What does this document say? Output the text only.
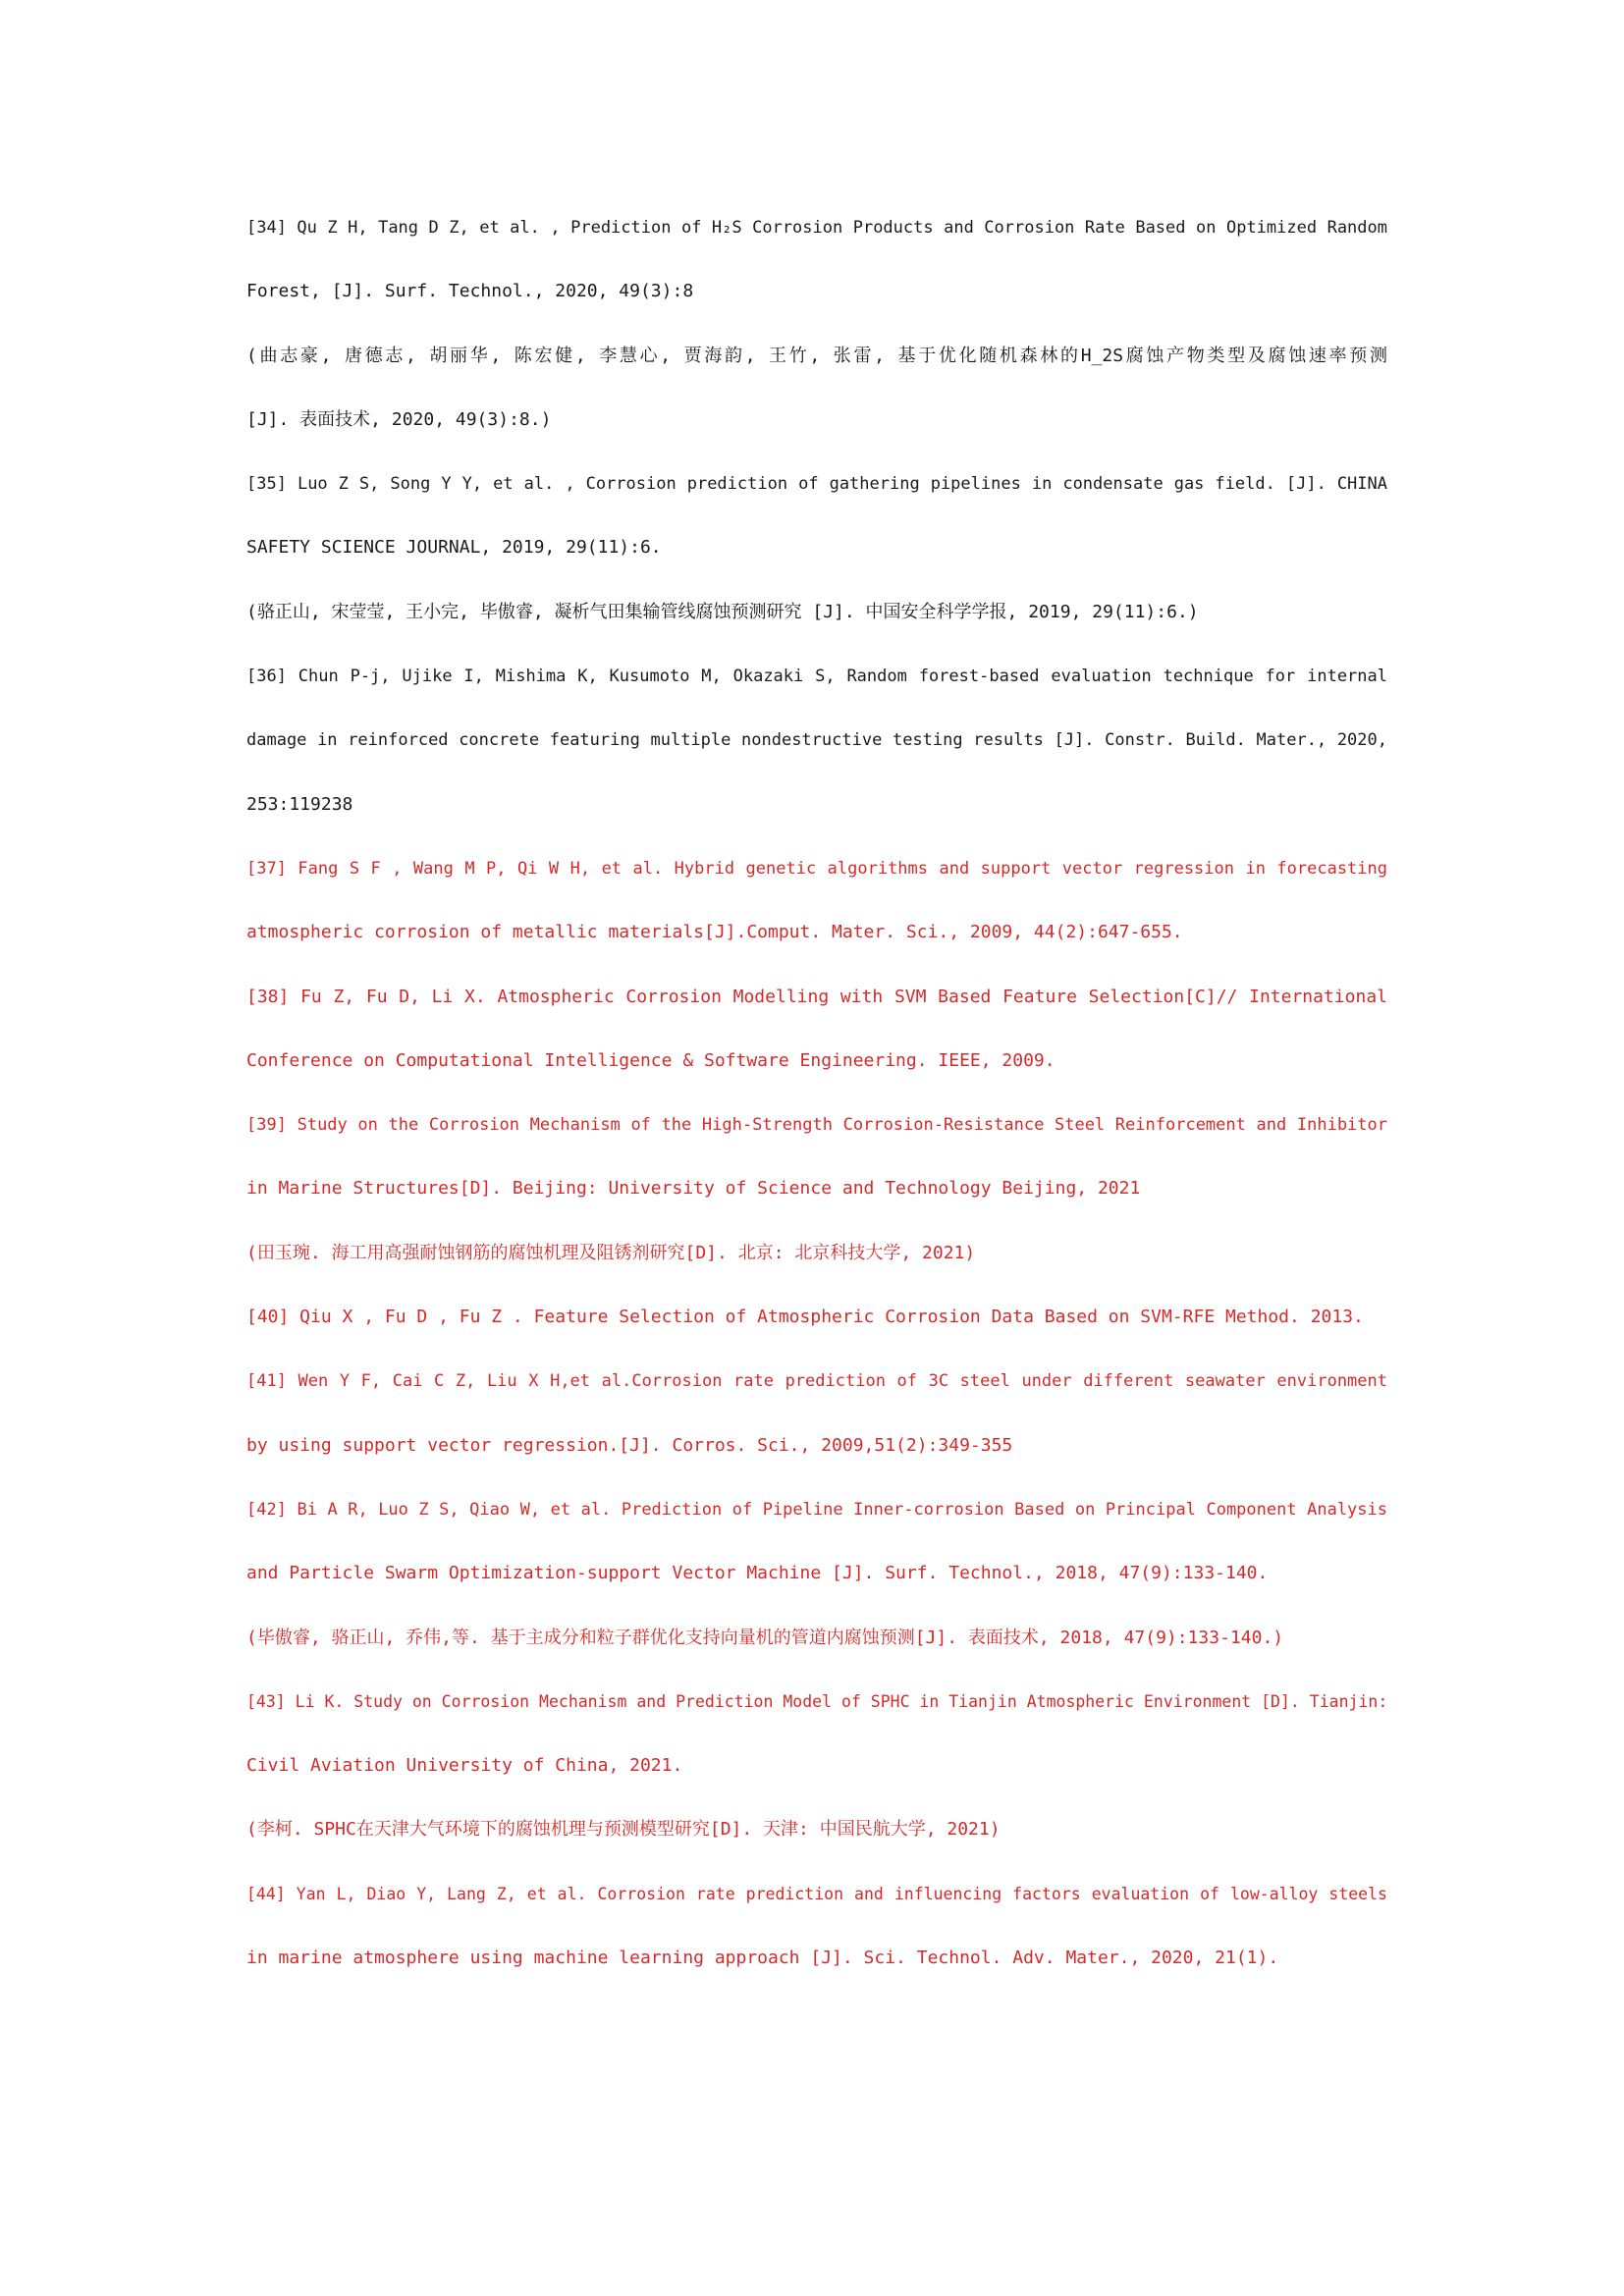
[34] Qu Z H, Tang D Z, et al. , Prediction of H₂S Corrosion Products and Corrosion Rate Based on Optimized Random
Forest, [J]. Surf. Technol., 2020, 49(3):8
(曲志豪, 唐德志, 胡丽华, 陈宏健, 李慧心, 贾海韵, 王竹, 张雷, 基于优化随机森林的H_2S腐蚀产物类型及腐蚀速率预测
[J]. 表面技术, 2020, 49(3):8.)
[35] Luo Z S, Song Y Y, et al. , Corrosion prediction of gathering pipelines in condensate gas field. [J]. CHINA
SAFETY SCIENCE JOURNAL, 2019, 29(11):6.
(骆正山, 宋莹莹, 王小完, 毕傲睿, 凝析气田集输管线腐蚀预测研究 [J]. 中国安全科学学报, 2019, 29(11):6.)
[36] Chun P-j, Ujike I, Mishima K, Kusumoto M, Okazaki S, Random forest-based evaluation technique for internal
damage in reinforced concrete featuring multiple nondestructive testing results [J]. Constr. Build. Mater., 2020,
253:119238
[37] Fang S F , Wang M P, Qi W H, et al. Hybrid genetic algorithms and support vector regression in forecasting
atmospheric corrosion of metallic materials[J].Comput. Mater. Sci., 2009, 44(2):647-655.
[38] Fu Z, Fu D, Li X. Atmospheric Corrosion Modelling with SVM Based Feature Selection[C]// International
Conference on Computational Intelligence & Software Engineering. IEEE, 2009.
[39] Study on the Corrosion Mechanism of the High-Strength Corrosion-Resistance Steel Reinforcement and Inhibitor
in Marine Structures[D]. Beijing: University of Science and Technology Beijing, 2021
(田玉琬. 海工用高强耐蚀钢筋的腐蚀机理及阻锈剂研究[D]. 北京: 北京科技大学, 2021)
[40] Qiu X , Fu D , Fu Z . Feature Selection of Atmospheric Corrosion Data Based on SVM-RFE Method. 2013.
[41] Wen Y F, Cai C Z, Liu X H,et al.Corrosion rate prediction of 3C steel under different seawater environment
by using support vector regression.[J]. Corros. Sci., 2009,51(2):349-355
[42] Bi A R, Luo Z S, Qiao W, et al. Prediction of Pipeline Inner-corrosion Based on Principal Component Analysis
and Particle Swarm Optimization-support Vector Machine [J]. Surf. Technol., 2018, 47(9):133-140.
(毕傲睿, 骆正山, 乔伟,等. 基于主成分和粒子群优化支持向量机的管道内腐蚀预测[J]. 表面技术, 2018, 47(9):133-140.)
[43] Li K. Study on Corrosion Mechanism and Prediction Model of SPHC in Tianjin Atmospheric Environment [D]. Tianjin:
Civil Aviation University of China, 2021.
(李柯. SPHC在天津大气环境下的腐蚀机理与预测模型研究[D]. 天津: 中国民航大学, 2021)
[44] Yan L, Diao Y, Lang Z, et al. Corrosion rate prediction and influencing factors evaluation of low-alloy steels
in marine atmosphere using machine learning approach [J]. Sci. Technol. Adv. Mater., 2020, 21(1).
